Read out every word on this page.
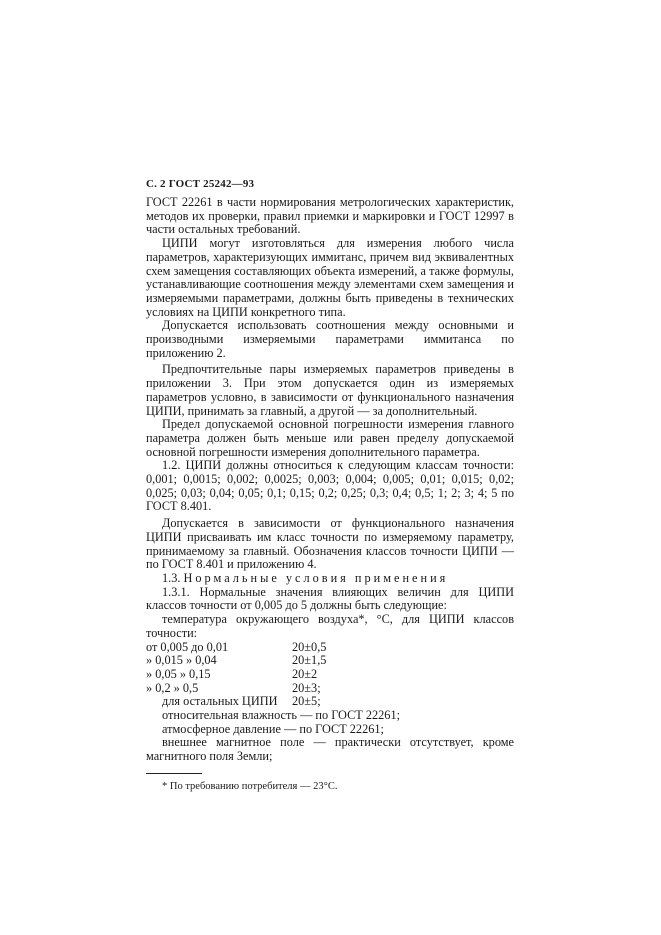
С. 2 ГОСТ 25242—93

ГОСТ 22261 в части нормирования метрологических характеристик, методов их проверки, правил приемки и маркировки и ГОСТ 12997 в части остальных требований.

ЦИПИ могут изготовляться для измерения любого числа параметров, характеризующих иммитанс, причем вид эквивалентных схем замещения составляющих объекта измерений, а также формулы, устанавливающие соотношения между элементами схем замещения и измеряемыми параметрами, должны быть приведены в технических условиях на ЦИПИ конкретного типа.

Допускается использовать соотношения между основными и производными измеряемыми параметрами иммитанса по приложению 2.

Предпочтительные пары измеряемых параметров приведены в приложении 3. При этом допускается один из измеряемых параметров условно, в зависимости от функционального назначения ЦИПИ, принимать за главный, а другой — за дополнительный.

Предел допускаемой основной погрешности измерения главного параметра должен быть меньше или равен пределу допускаемой основной погрешности измерения дополнительного параметра.

1.2. ЦИПИ должны относиться к следующим классам точности: 0,001; 0,0015; 0,002; 0,0025; 0,003; 0,004; 0,005; 0,01; 0,015; 0,02; 0,025; 0,03; 0,04; 0,05; 0,1; 0,15; 0,2; 0,25; 0,3; 0,4; 0,5; 1; 2; 3; 4; 5 по ГОСТ 8.401.

Допускается в зависимости от функционального назначения ЦИПИ присваивать им класс точности по измеряемому параметру, принимаемому за главный. Обозначения классов точности ЦИПИ — по ГОСТ 8.401 и приложению 4.

1.3. Нормальные условия применения

1.3.1. Нормальные значения влияющих величин для ЦИПИ классов точности от 0,005 до 5 должны быть следующие:

температура окружающего воздуха*, °С, для ЦИПИ классов точности:

от 0,005 до 0,01	20±0,5
» 0,015 » 0,04	20±1,5
» 0,05 » 0,15	20±2
» 0,2 » 0,5	20±3;
для остальных ЦИПИ	20±5;

относительная влажность — по ГОСТ 22261;

атмосферное давление — по ГОСТ 22261;

внешнее магнитное поле — практически отсутствует, кроме магнитного поля Земли;

* По требованию потребителя — 23°С.
